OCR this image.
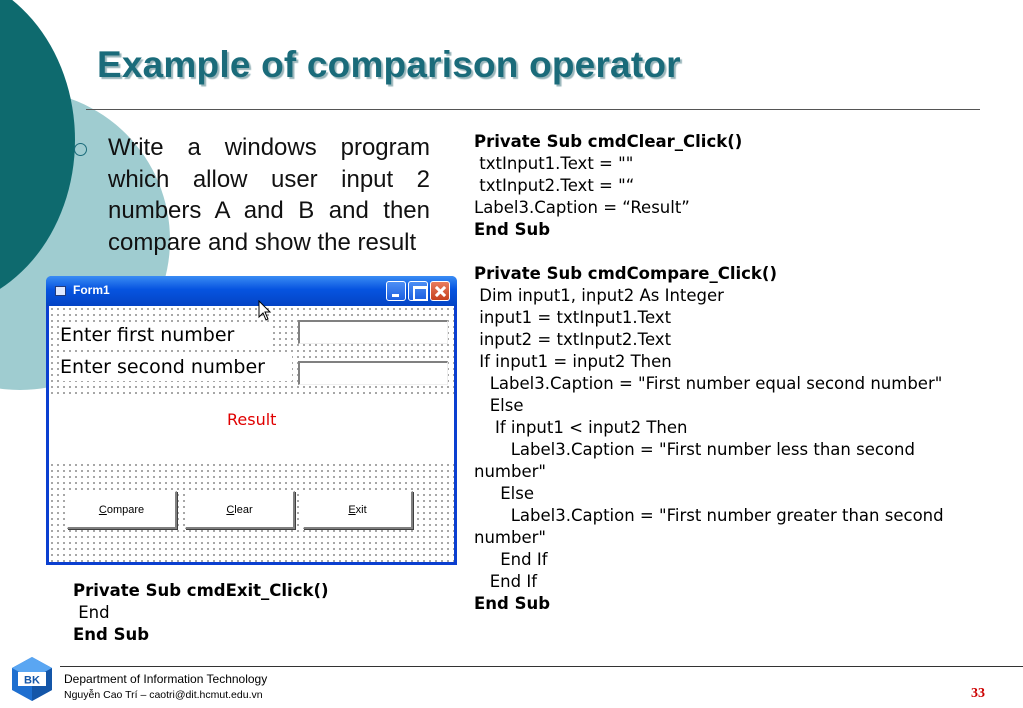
Example of comparison operator
Write a windows program which allow user input 2 numbers A and B and then compare and show the result
Form1
Enter first number
Enter second number
Result
Compare	Clear	Exit
Private Sub cmdExit_Click()
End
End Sub
Private Sub cmdClear_Click()
txtInput1.Text = ""
txtInput2.Text = "“
Label3.Caption = “Result”
End Sub

Private Sub cmdCompare_Click()
Dim input1, input2 As Integer
input1 = txtInput1.Text
input2 = txtInput2.Text
If input1 = input2 Then
Label3.Caption = "First number equal second number"
Else
If input1 < input2 Then
Label3.Caption = "First number less than second
number"
Else
Label3.Caption = "First number greater than second
number"
End If
End If
End Sub
BK Department of Information Technology
Nguyễn Cao Trí – caotri@dit.hcmut.edu.vn	33
